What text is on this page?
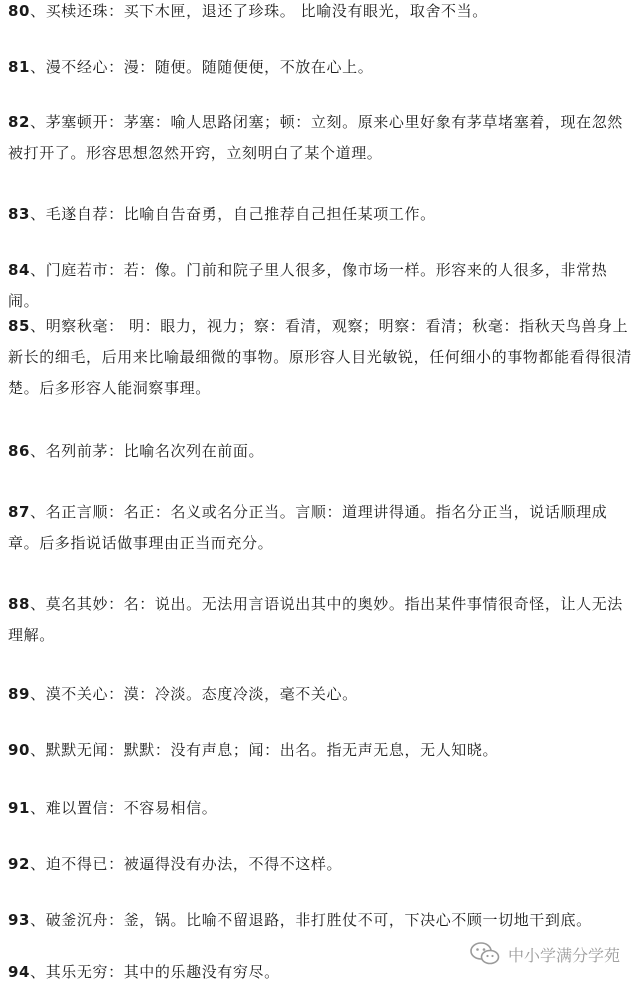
80、买椟还珠：买下木匣，退还了珍珠。 比喻没有眼光，取舍不当。

81、漫不经心：漫：随便。随随便便，不放在心上。

82、茅塞顿开：茅塞：喻人思路闭塞；顿：立刻。原来心里好象有茅草堵塞着，现在忽然被打开了。形容思想忽然开窍，立刻明白了某个道理。

83、毛遂自荐：比喻自告奋勇，自己推荐自己担任某项工作。

84、门庭若市：若：像。门前和院子里人很多，像市场一样。形容来的人很多，非常热闹。

85、明察秋毫： 明：眼力，视力；察：看清，观察；明察：看清；秋毫：指秋天鸟兽身上新长的细毛，后用来比喻最细微的事物。原形容人目光敏锐，任何细小的事物都能看得很清楚。后多形容人能洞察事理。

86、名列前茅：比喻名次列在前面。

87、名正言顺：名正：名义或名分正当。言顺：道理讲得通。指名分正当，说话顺理成章。后多指说话做事理由正当而充分。

88、莫名其妙：名：说出。无法用言语说出其中的奥妙。指出某件事情很奇怪，让人无法理解。

89、漠不关心：漠：冷淡。态度冷淡，毫不关心。

90、默默无闻：默默：没有声息；闻：出名。指无声无息，无人知晓。

91、难以置信：不容易相信。

92、迫不得已：被逼得没有办法，不得不这样。

93、破釜沉舟：釜，锅。比喻不留退路，非打胜仗不可，下决心不顾一切地干到底。

94、其乐无穷：其中的乐趣没有穷尽。

中小学满分学苑
